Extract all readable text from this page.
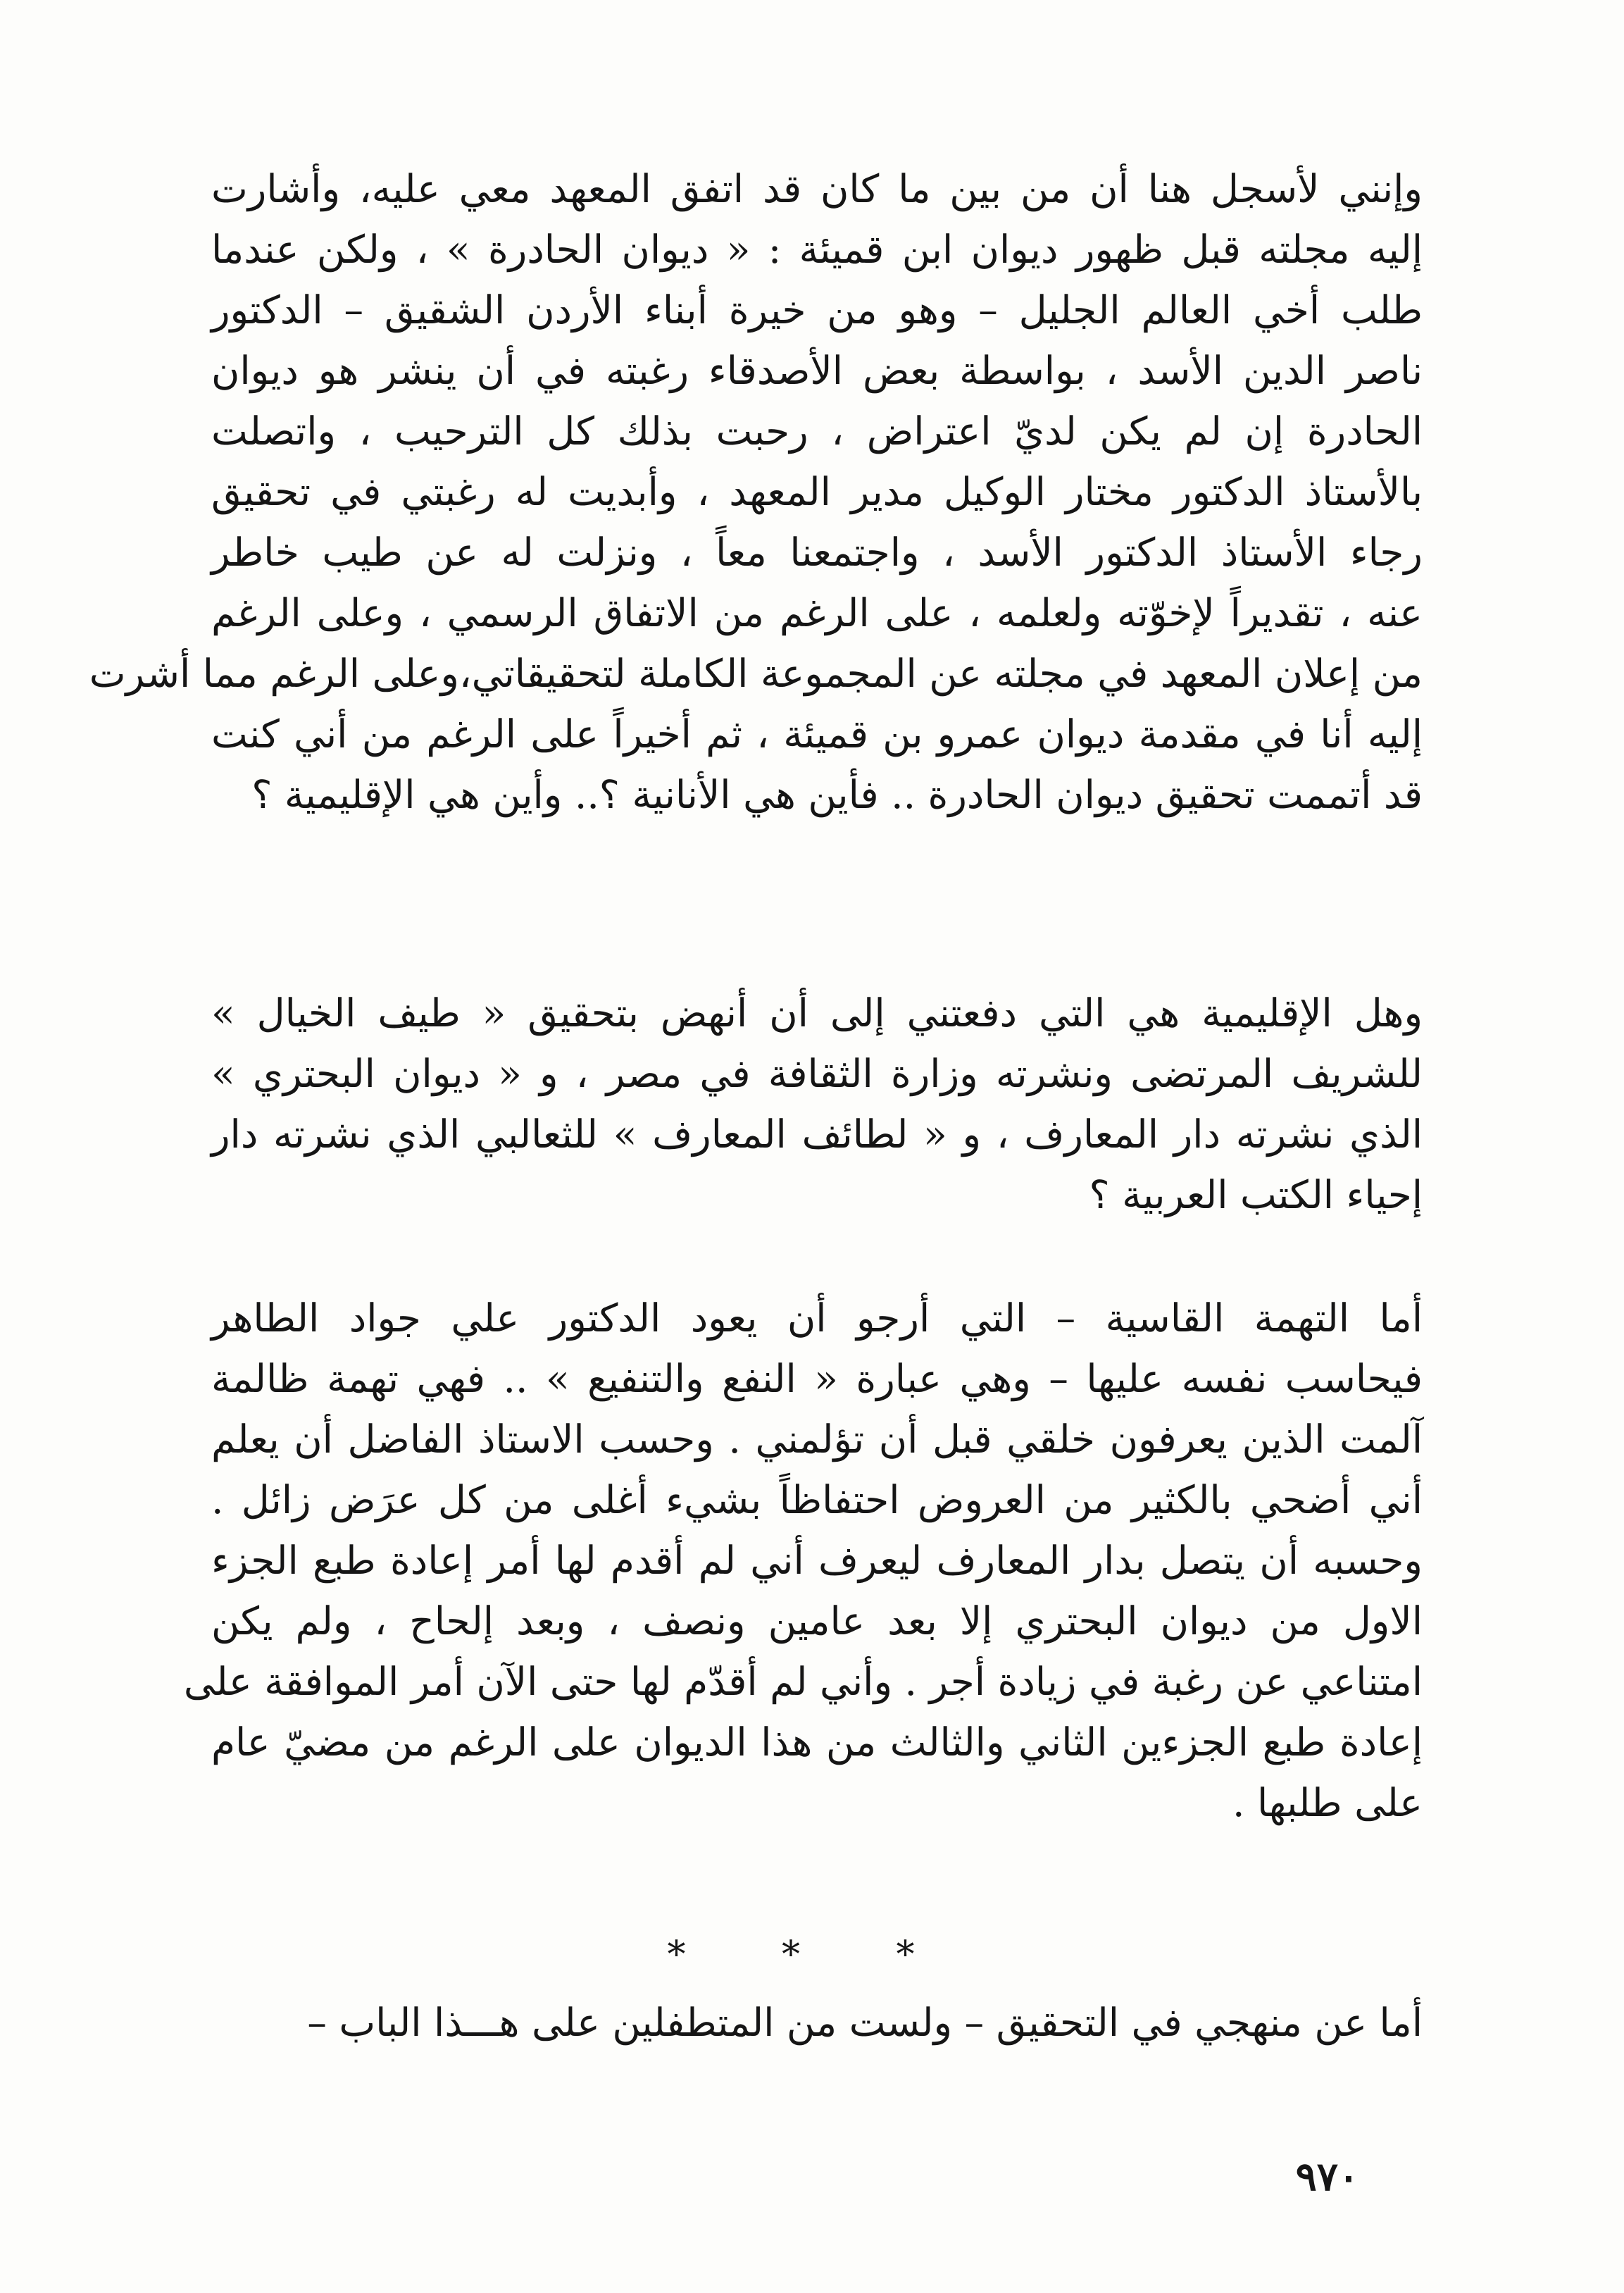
وإنني لأسجل هنا أن من بين ما كان قد اتفق المعهد معي عليه، وأشارت
إليه مجلته قبل ظهور ديوان ابن قميئة : « ديوان الحادرة » ، ولكن عندما
طلب أخي العالم الجليل – وهو من خيرة أبناء الأردن الشقيق – الدكتور
ناصر الدين الأسد ، بواسطة بعض الأصدقاء رغبته في أن ينشر هو ديوان
الحادرة إن لم يكن لديّ اعتراض ، رحبت بذلك كل الترحيب ، واتصلت
بالأستاذ الدكتور مختار الوكيل مدير المعهد ، وأبديت له رغبتي في تحقيق
رجاء الأستاذ الدكتور الأسد ، واجتمعنا معاً ، ونزلت له عن طيب خاطر
عنه ، تقديراً لإخوّته ولعلمه ، على الرغم من الاتفاق الرسمي ، وعلى الرغم
من إعلان المعهد في مجلته عن المجموعة الكاملة لتحقيقاتي،وعلى الرغم مما أشرت
إليه أنا في مقدمة ديوان عمرو بن قميئة ، ثم أخيراً على الرغم من أني كنت
قد أتممت تحقيق ديوان الحادرة .. فأين هي الأنانية ؟.. وأين هي الإقليمية ؟
وهل الإقليمية هي التي دفعتني إلى أن أنهض بتحقيق « طيف الخيال »
للشريف المرتضى ونشرته وزارة الثقافة في مصر ، و « ديوان البحتري »
الذي نشرته دار المعارف ، و « لطائف المعارف » للثعالبي الذي نشرته دار
إحياء الكتب العربية ؟
أما التهمة القاسية – التي أرجو أن يعود الدكتور علي جواد الطاهر
فيحاسب نفسه عليها – وهي عبارة « النفع والتنفيع » .. فهي تهمة ظالمة
آلمت الذين يعرفون خلقي قبل أن تؤلمني . وحسب الاستاذ الفاضل أن يعلم
أني أضحي بالكثير من العروض احتفاظاً بشيء أغلى من كل عرَض زائل .
وحسبه أن يتصل بدار المعارف ليعرف أني لم أقدم لها أمر إعادة طبع الجزء
الاول من ديوان البحتري إلا بعد عامين ونصف ، وبعد إلحاح ، ولم يكن
امتناعي عن رغبة في زيادة أجر . وأني لم أقدّم لها حتى الآن أمر الموافقة على
إعادة طبع الجزءين الثاني والثالث من هذا الديوان على الرغم من مضيّ عام
على طلبها .
* * *
أما عن منهجي في التحقيق – ولست من المتطفلين على هـــذا الباب –
٩٧٠
